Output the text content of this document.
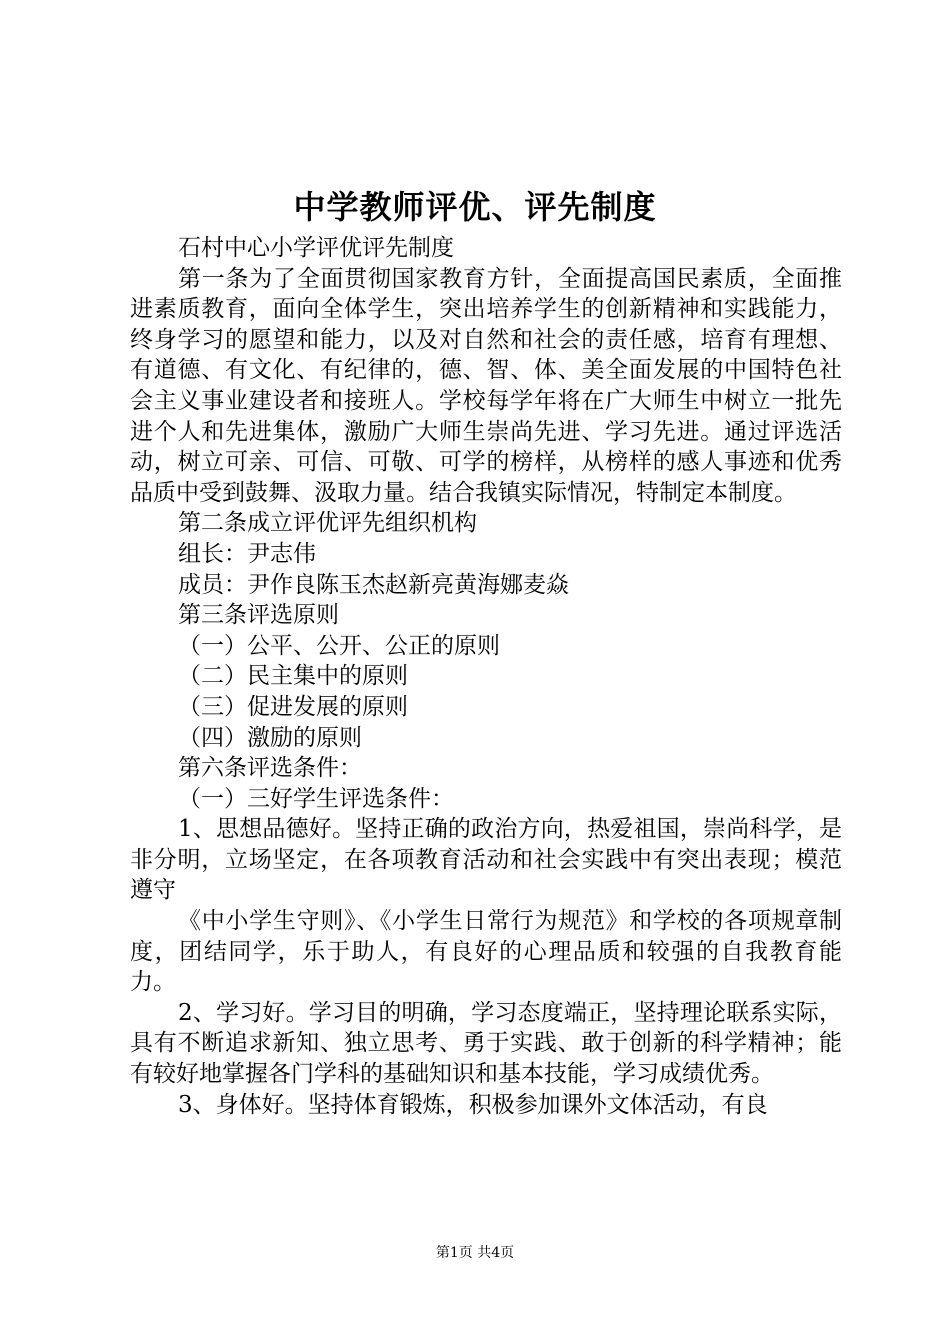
中学教师评优、评先制度

石村中心小学评优评先制度

第一条为了全面贯彻国家教育方针，全面提高国民素质，全面推进素质教育，面向全体学生，突出培养学生的创新精神和实践能力，终身学习的愿望和能力，以及对自然和社会的责任感，培育有理想、有道德、有文化、有纪律的，德、智、体、美全面发展的中国特色社会主义事业建设者和接班人。学校每学年将在广大师生中树立一批先进个人和先进集体，激励广大师生崇尚先进、学习先进。通过评选活动，树立可亲、可信、可敬、可学的榜样，从榜样的感人事迹和优秀品质中受到鼓舞、汲取力量。结合我镇实际情况，特制定本制度。

第二条成立评优评先组织机构

组长：尹志伟

成员：尹作良陈玉杰赵新亮黄海娜麦焱

第三条评选原则

（一）公平、公开、公正的原则

（二）民主集中的原则

（三）促进发展的原则

（四）激励的原则

第六条评选条件：

（一）三好学生评选条件：

1、思想品德好。坚持正确的政治方向，热爱祖国，崇尚科学，是非分明，立场坚定，在各项教育活动和社会实践中有突出表现；模范遵守

《中小学生守则》、《小学生日常行为规范》和学校的各项规章制度，团结同学，乐于助人，有良好的心理品质和较强的自我教育能力。

2、学习好。学习目的明确，学习态度端正，坚持理论联系实际，具有不断追求新知、独立思考、勇于实践、敢于创新的科学精神；能有较好地掌握各门学科的基础知识和基本技能，学习成绩优秀。

3、身体好。坚持体育锻炼，积极参加课外文体活动，有良

第1页 共4页
